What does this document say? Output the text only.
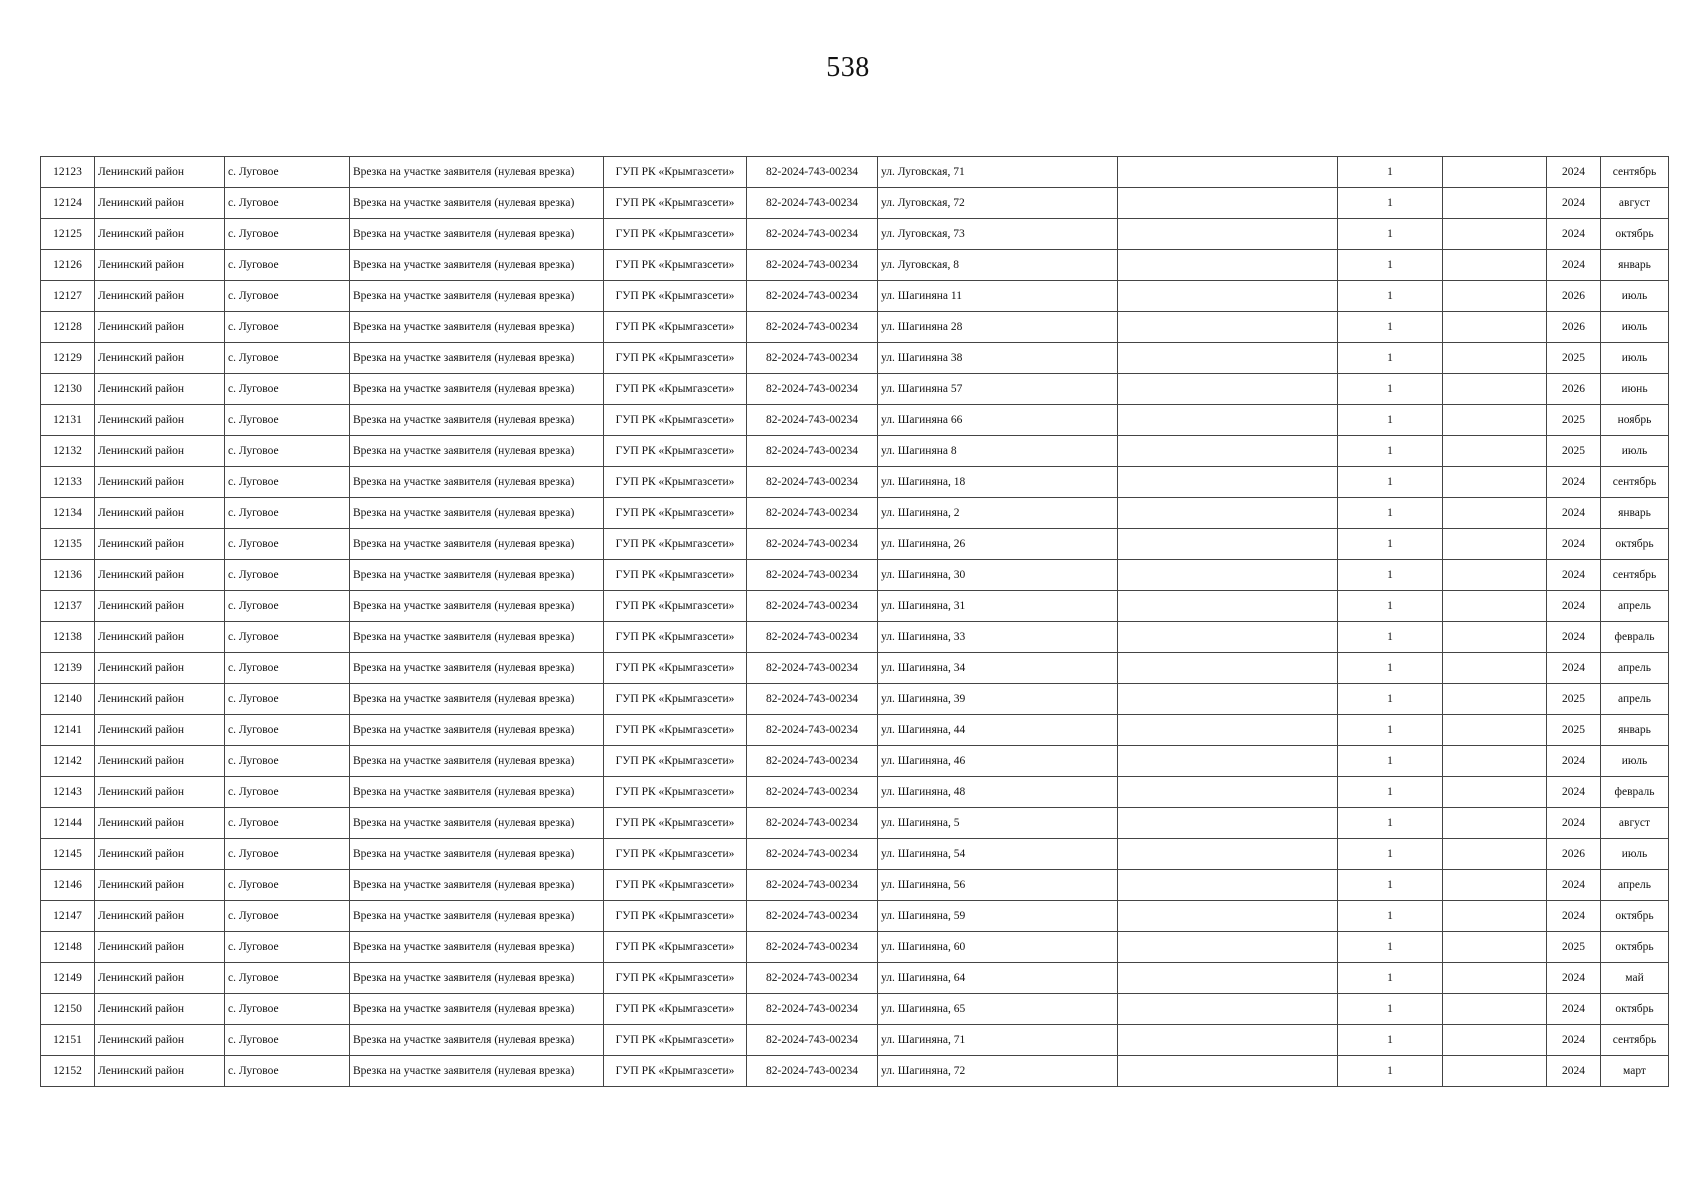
538
12123	Ленинский район	с. Луговое	Врезка на участке заявителя (нулевая врезка)	ГУП РК «Крымгазсети»	82-2024-743-00234	ул. Луговская, 71		1		2024	сентябрь
12124	Ленинский район	с. Луговое	Врезка на участке заявителя (нулевая врезка)	ГУП РК «Крымгазсети»	82-2024-743-00234	ул. Луговская, 72		1		2024	август
12125	Ленинский район	с. Луговое	Врезка на участке заявителя (нулевая врезка)	ГУП РК «Крымгазсети»	82-2024-743-00234	ул. Луговская, 73		1		2024	октябрь
12126	Ленинский район	с. Луговое	Врезка на участке заявителя (нулевая врезка)	ГУП РК «Крымгазсети»	82-2024-743-00234	ул. Луговская, 8		1		2024	январь
12127	Ленинский район	с. Луговое	Врезка на участке заявителя (нулевая врезка)	ГУП РК «Крымгазсети»	82-2024-743-00234	ул. Шагиняна 11		1		2026	июль
12128	Ленинский район	с. Луговое	Врезка на участке заявителя (нулевая врезка)	ГУП РК «Крымгазсети»	82-2024-743-00234	ул. Шагиняна 28		1		2026	июль
12129	Ленинский район	с. Луговое	Врезка на участке заявителя (нулевая врезка)	ГУП РК «Крымгазсети»	82-2024-743-00234	ул. Шагиняна 38		1		2025	июль
12130	Ленинский район	с. Луговое	Врезка на участке заявителя (нулевая врезка)	ГУП РК «Крымгазсети»	82-2024-743-00234	ул. Шагиняна 57		1		2026	июнь
12131	Ленинский район	с. Луговое	Врезка на участке заявителя (нулевая врезка)	ГУП РК «Крымгазсети»	82-2024-743-00234	ул. Шагиняна 66		1		2025	ноябрь
12132	Ленинский район	с. Луговое	Врезка на участке заявителя (нулевая врезка)	ГУП РК «Крымгазсети»	82-2024-743-00234	ул. Шагиняна 8		1		2025	июль
12133	Ленинский район	с. Луговое	Врезка на участке заявителя (нулевая врезка)	ГУП РК «Крымгазсети»	82-2024-743-00234	ул. Шагиняна, 18		1		2024	сентябрь
12134	Ленинский район	с. Луговое	Врезка на участке заявителя (нулевая врезка)	ГУП РК «Крымгазсети»	82-2024-743-00234	ул. Шагиняна, 2		1		2024	январь
12135	Ленинский район	с. Луговое	Врезка на участке заявителя (нулевая врезка)	ГУП РК «Крымгазсети»	82-2024-743-00234	ул. Шагиняна, 26		1		2024	октябрь
12136	Ленинский район	с. Луговое	Врезка на участке заявителя (нулевая врезка)	ГУП РК «Крымгазсети»	82-2024-743-00234	ул. Шагиняна, 30		1		2024	сентябрь
12137	Ленинский район	с. Луговое	Врезка на участке заявителя (нулевая врезка)	ГУП РК «Крымгазсети»	82-2024-743-00234	ул. Шагиняна, 31		1		2024	апрель
12138	Ленинский район	с. Луговое	Врезка на участке заявителя (нулевая врезка)	ГУП РК «Крымгазсети»	82-2024-743-00234	ул. Шагиняна, 33		1		2024	февраль
12139	Ленинский район	с. Луговое	Врезка на участке заявителя (нулевая врезка)	ГУП РК «Крымгазсети»	82-2024-743-00234	ул. Шагиняна, 34		1		2024	апрель
12140	Ленинский район	с. Луговое	Врезка на участке заявителя (нулевая врезка)	ГУП РК «Крымгазсети»	82-2024-743-00234	ул. Шагиняна, 39		1		2025	апрель
12141	Ленинский район	с. Луговое	Врезка на участке заявителя (нулевая врезка)	ГУП РК «Крымгазсети»	82-2024-743-00234	ул. Шагиняна, 44		1		2025	январь
12142	Ленинский район	с. Луговое	Врезка на участке заявителя (нулевая врезка)	ГУП РК «Крымгазсети»	82-2024-743-00234	ул. Шагиняна, 46		1		2024	июль
12143	Ленинский район	с. Луговое	Врезка на участке заявителя (нулевая врезка)	ГУП РК «Крымгазсети»	82-2024-743-00234	ул. Шагиняна, 48		1		2024	февраль
12144	Ленинский район	с. Луговое	Врезка на участке заявителя (нулевая врезка)	ГУП РК «Крымгазсети»	82-2024-743-00234	ул. Шагиняна, 5		1		2024	август
12145	Ленинский район	с. Луговое	Врезка на участке заявителя (нулевая врезка)	ГУП РК «Крымгазсети»	82-2024-743-00234	ул. Шагиняна, 54		1		2026	июль
12146	Ленинский район	с. Луговое	Врезка на участке заявителя (нулевая врезка)	ГУП РК «Крымгазсети»	82-2024-743-00234	ул. Шагиняна, 56		1		2024	апрель
12147	Ленинский район	с. Луговое	Врезка на участке заявителя (нулевая врезка)	ГУП РК «Крымгазсети»	82-2024-743-00234	ул. Шагиняна, 59		1		2024	октябрь
12148	Ленинский район	с. Луговое	Врезка на участке заявителя (нулевая врезка)	ГУП РК «Крымгазсети»	82-2024-743-00234	ул. Шагиняна, 60		1		2025	октябрь
12149	Ленинский район	с. Луговое	Врезка на участке заявителя (нулевая врезка)	ГУП РК «Крымгазсети»	82-2024-743-00234	ул. Шагиняна, 64		1		2024	май
12150	Ленинский район	с. Луговое	Врезка на участке заявителя (нулевая врезка)	ГУП РК «Крымгазсети»	82-2024-743-00234	ул. Шагиняна, 65		1		2024	октябрь
12151	Ленинский район	с. Луговое	Врезка на участке заявителя (нулевая врезка)	ГУП РК «Крымгазсети»	82-2024-743-00234	ул. Шагиняна, 71		1		2024	сентябрь
12152	Ленинский район	с. Луговое	Врезка на участке заявителя (нулевая врезка)	ГУП РК «Крымгазсети»	82-2024-743-00234	ул. Шагиняна, 72		1		2024	март
